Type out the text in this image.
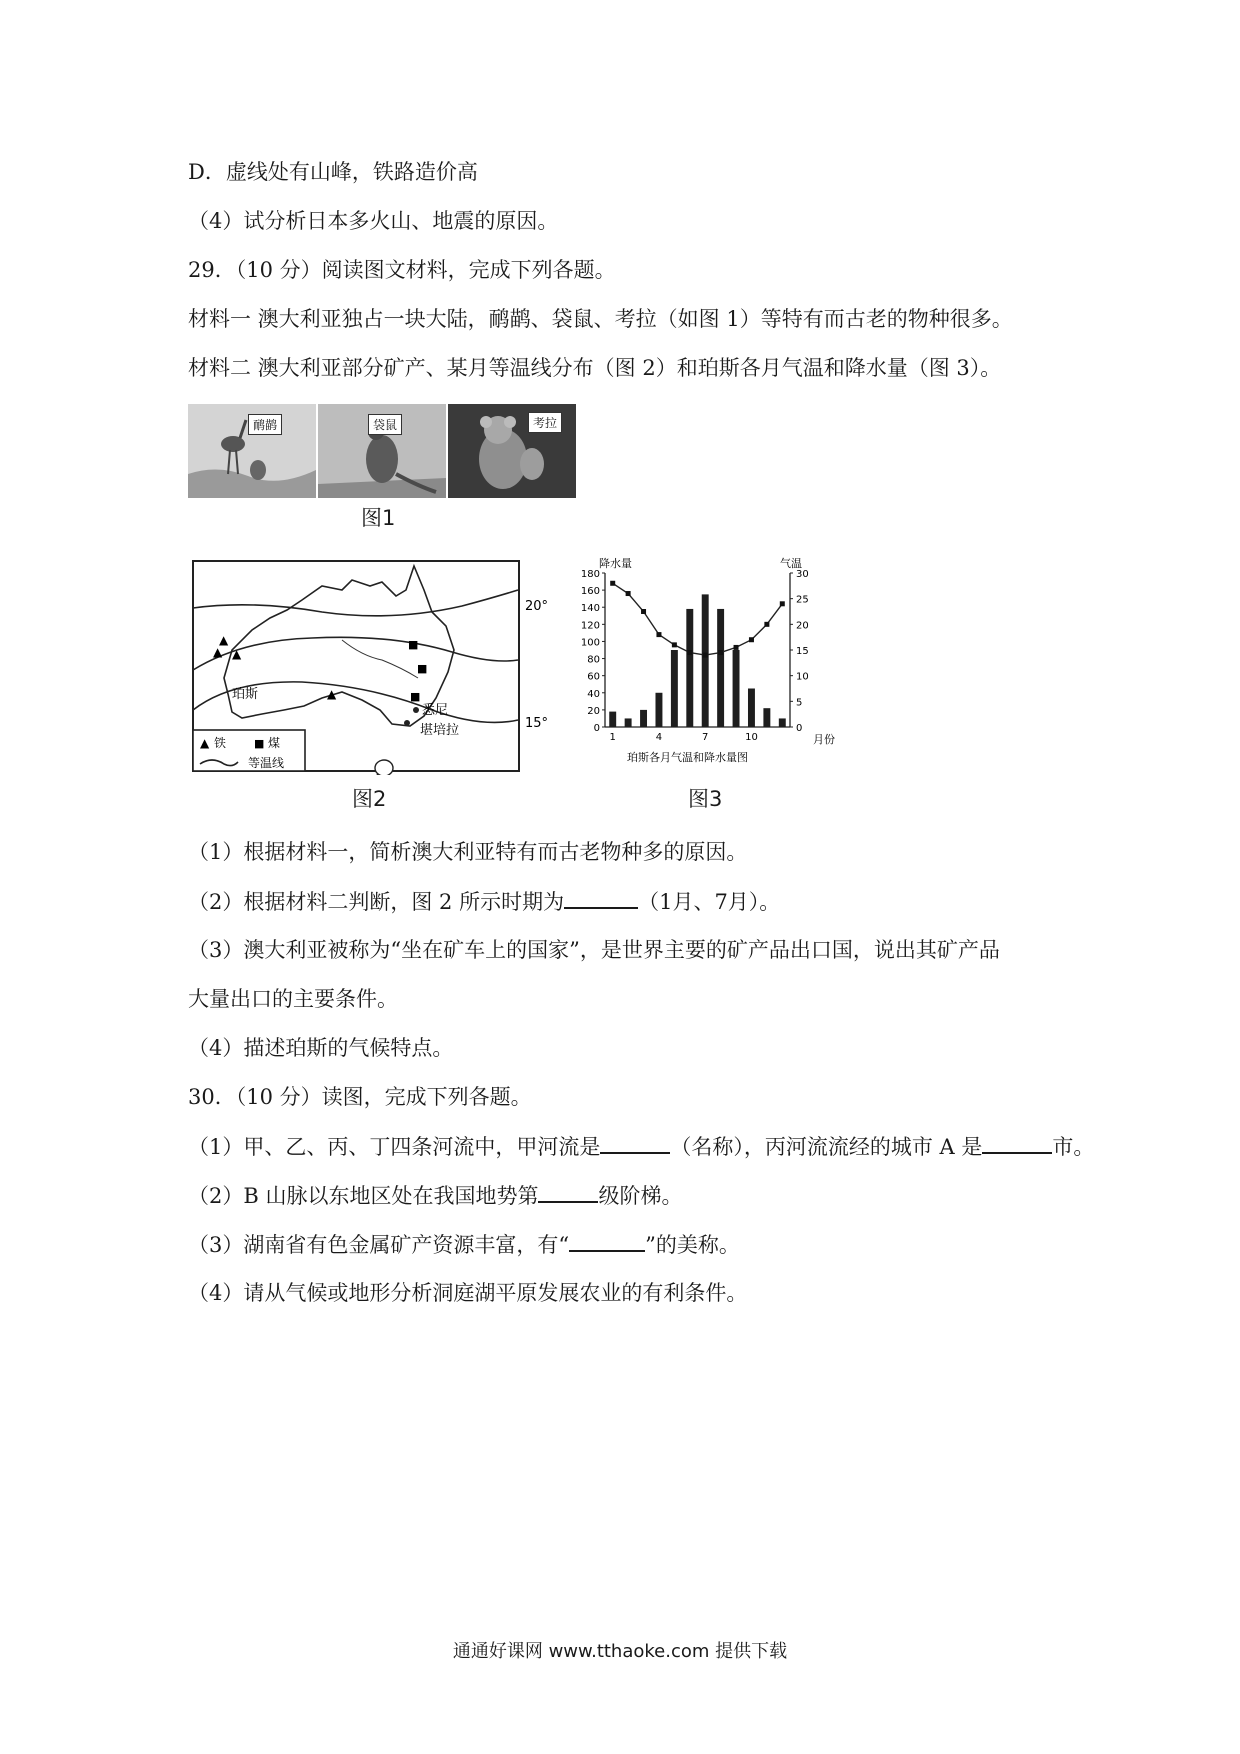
D．虚线处有山峰，铁路造价高
（4）试分析日本多火山、地震的原因。
29．（10 分）阅读图文材料，完成下列各题。
材料一 澳大利亚独占一块大陆，鸸鹋、袋鼠、考拉（如图 1）等特有而古老的物种很多。
材料二 澳大利亚部分矿产、某月等温线分布（图 2）和珀斯各月气温和降水量（图 3）。
鸸鹋	袋鼠	考拉
图1
▲
▲ ▲
▲
■
■
■
珀斯
悉尼
堪培拉
20°
15°
▲ 铁	■ 煤
等温线
图2
降水量	气温
月份
珀斯各月气温和降水量图
0
20
40
60
80
100
120
140
160
180
0
5
10
15
20
25
30
1	4	7	10
图3
（1）根据材料一，简析澳大利亚特有而古老物种多的原因。
（2）根据材料二判断，图 2 所示时期为	（1月、7月）。
（3）澳大利亚被称为“坐在矿车上的国家”，是世界主要的矿产品出口国，说出其矿产品
大量出口的主要条件。
（4）描述珀斯的气候特点。
30．（10 分）读图，完成下列各题。
（1）甲、乙、丙、丁四条河流中，甲河流是	（名称），丙河流流经的城市 A 是	市。
（2）B 山脉以东地区处在我国地势第	级阶梯。
（3）湖南省有色金属矿产资源丰富，有“	”的美称。
（4）请从气候或地形分析洞庭湖平原发展农业的有利条件。
通通好课网 www.tthaoke.com 提供下载
